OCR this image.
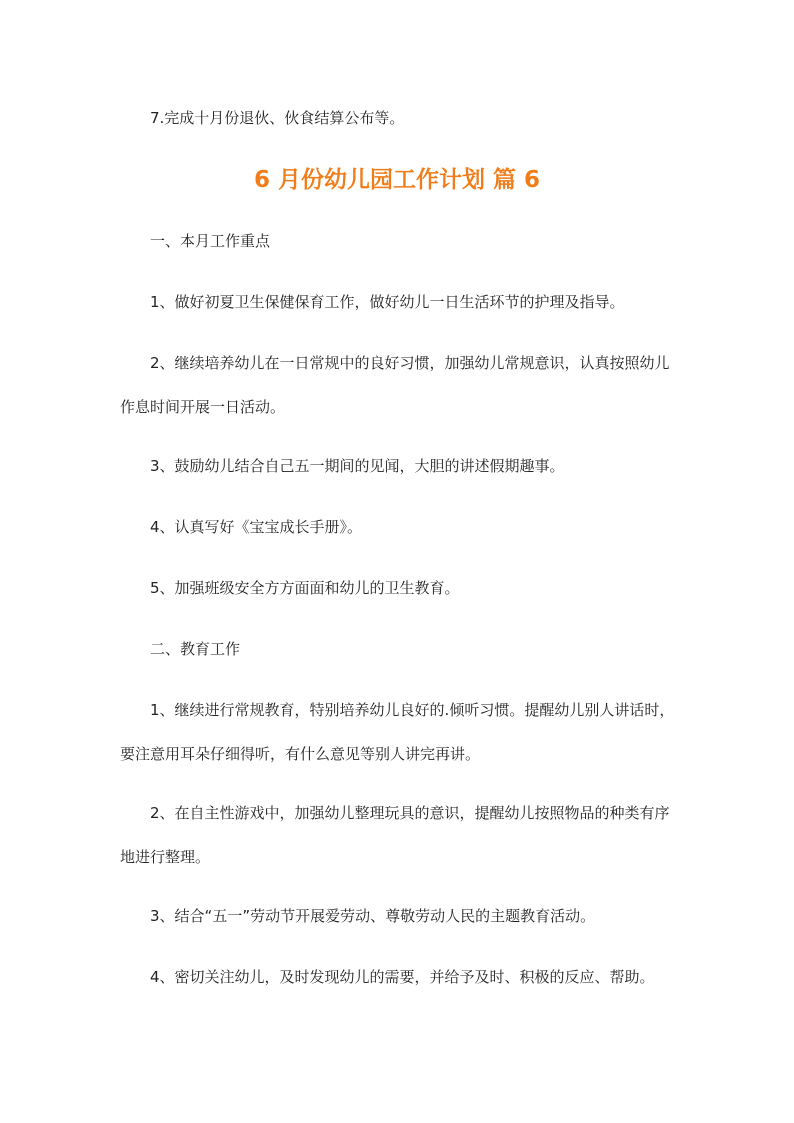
7.完成十月份退伙、伙食结算公布等。

6 月份幼儿园工作计划 篇 6

一、本月工作重点

1、做好初夏卫生保健保育工作，做好幼儿一日生活环节的护理及指导。

2、继续培养幼儿在一日常规中的良好习惯，加强幼儿常规意识，认真按照幼儿作息时间开展一日活动。

3、鼓励幼儿结合自己五一期间的见闻，大胆的讲述假期趣事。

4、认真写好《宝宝成长手册》。

5、加强班级安全方方面面和幼儿的卫生教育。

二、教育工作

1、继续进行常规教育，特别培养幼儿良好的.倾听习惯。提醒幼儿别人讲话时，要注意用耳朵仔细得听，有什么意见等别人讲完再讲。

2、在自主性游戏中，加强幼儿整理玩具的意识，提醒幼儿按照物品的种类有序地进行整理。

3、结合“五一”劳动节开展爱劳动、尊敬劳动人民的主题教育活动。

4、密切关注幼儿，及时发现幼儿的需要，并给予及时、积极的反应、帮助。
